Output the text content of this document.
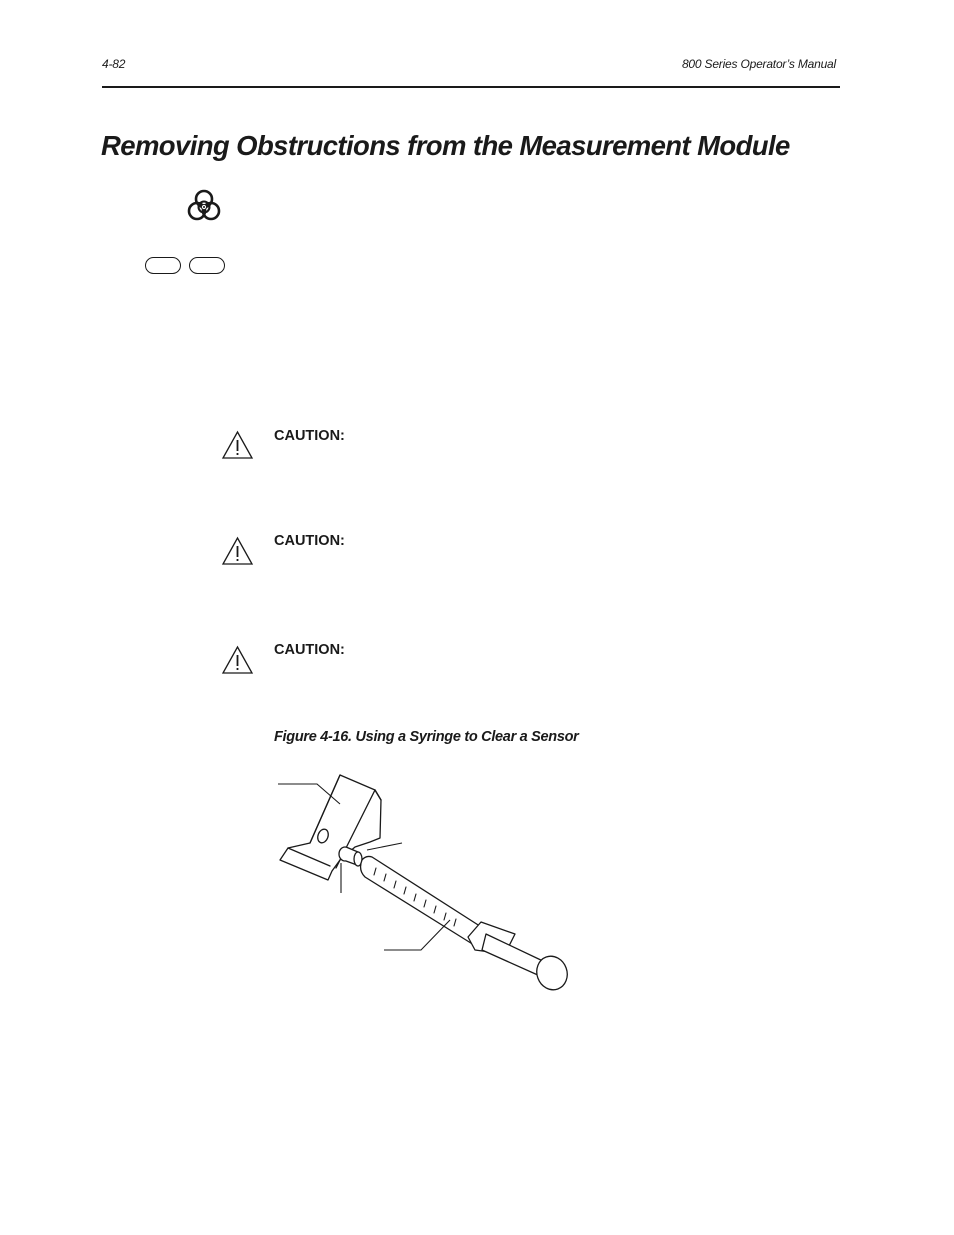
4-82	800 Series Operator’s Manual
Removing Obstructions from the Measurement Module
CAUTION:
CAUTION:
CAUTION:
Figure 4-16. Using a Syringe to Clear a Sensor
